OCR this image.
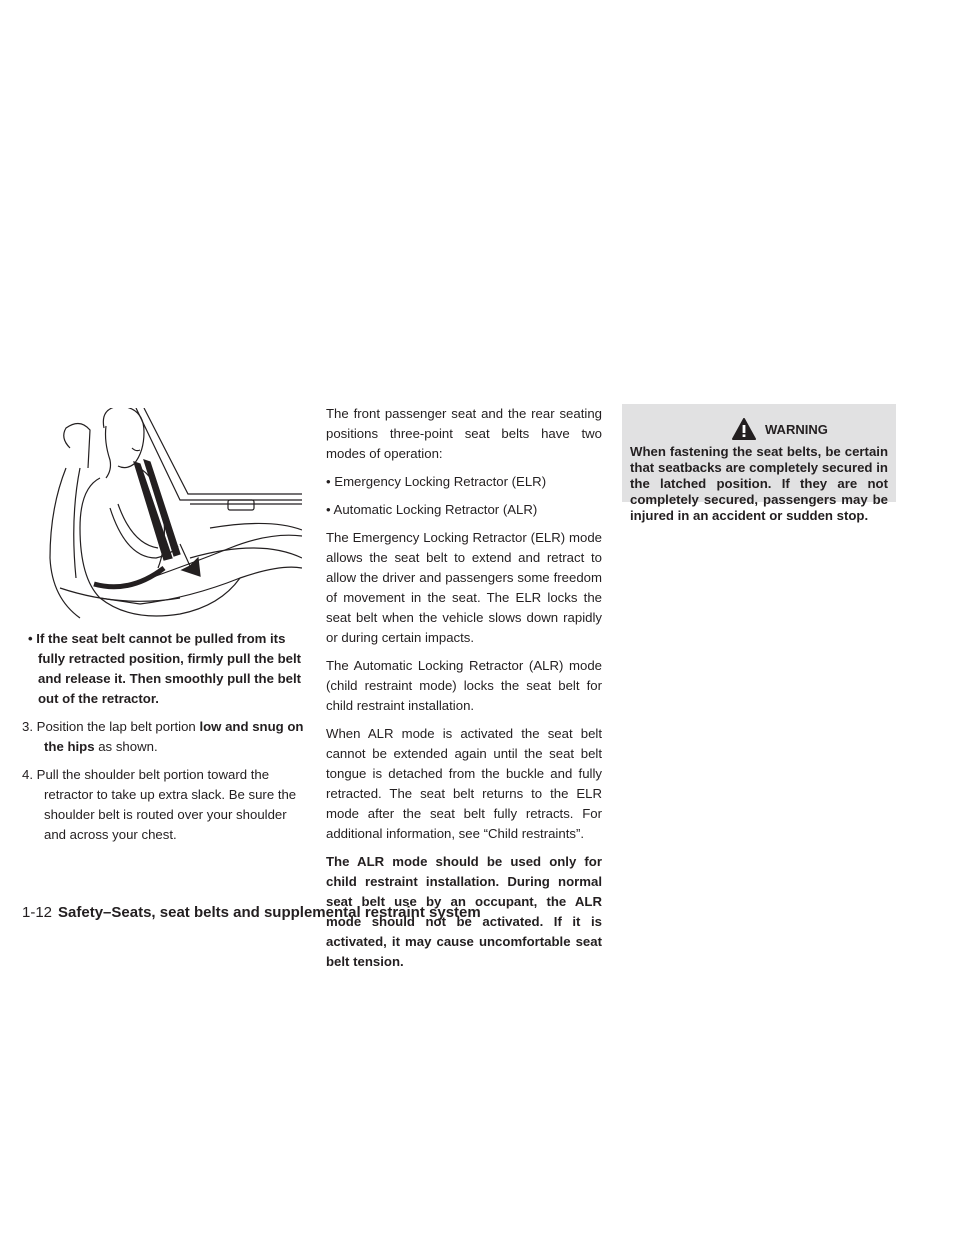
• If the seat belt cannot be pulled from its fully retracted position, firmly pull the belt and release it. Then smoothly pull the belt out of the retractor.

3. Position the lap belt portion low and snug on the hips as shown.

4. Pull the shoulder belt portion toward the retractor to take up extra slack. Be sure the shoulder belt is routed over your shoulder and across your chest.

The front passenger seat and the rear seating positions three-point seat belts have two modes of operation:

• Emergency Locking Retractor (ELR)

• Automatic Locking Retractor (ALR)

The Emergency Locking Retractor (ELR) mode allows the seat belt to extend and retract to allow the driver and passengers some freedom of movement in the seat. The ELR locks the seat belt when the vehicle slows down rapidly or during certain impacts.

The Automatic Locking Retractor (ALR) mode (child restraint mode) locks the seat belt for child restraint installation.

When ALR mode is activated the seat belt cannot be extended again until the seat belt tongue is detached from the buckle and fully retracted. The seat belt returns to the ELR mode after the seat belt fully retracts. For additional information, see “Child restraints”.

The ALR mode should be used only for child restraint installation. During normal seat belt use by an occupant, the ALR mode should not be activated. If it is activated, it may cause uncomfortable seat belt tension.

WARNING
When fastening the seat belts, be certain that seatbacks are completely secured in the latched position. If they are not completely secured, passengers may be injured in an accident or sudden stop.
1-12 Safety–Seats, seat belts and supplemental restraint system
